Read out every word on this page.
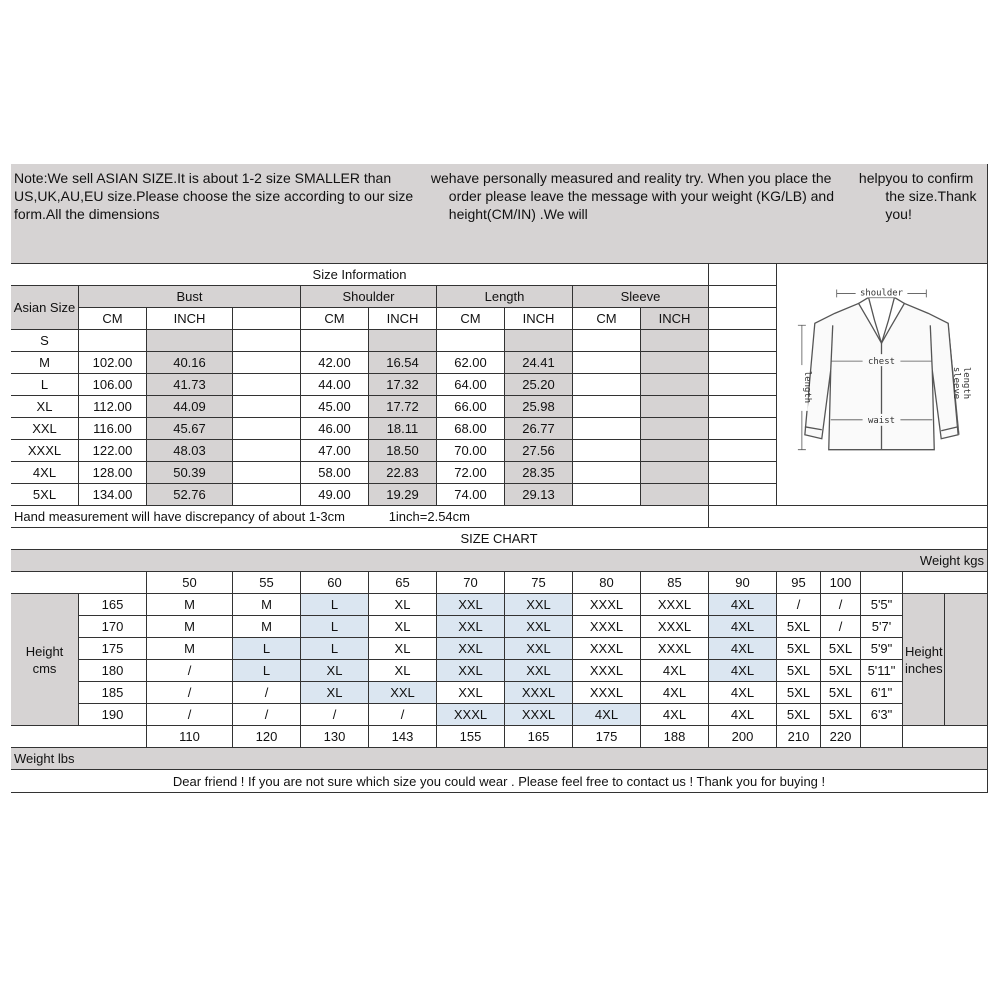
Note:We sell ASIAN SIZE.It is about 1-2 size SMALLER than US,UK,AU,EU size.Please choose the size according to our size form.All the dimensions
we have personally measured and reality try. When you place the order please leave the message with your weight (KG/LB) and height(CM/IN) .We will
help you to confirm the size.Thank you!
Size Information
Asian Size
Bust	Shoulder	Length	Sleeve
CM	INCH	CM	INCH	CM	INCH	CM	INCH
S
M	102.00	40.16	42.00	16.54	62.00	24.41
L	106.00	41.73	44.00	17.32	64.00	25.20
XL	112.00	44.09	45.00	17.72	66.00	25.98
XXL	116.00	45.67	46.00	18.11	68.00	26.77
XXXL	122.00	48.03	47.00	18.50	70.00	27.56
4XL	128.00	50.39	58.00	22.83	72.00	28.35
5XL	134.00	52.76	49.00	19.29	74.00	29.13
shoulder
chest
waist
length	sleeve length
Hand measurement will have discrepancy of about 1-3cm	1inch=2.54cm
SIZE CHART
Weight kgs
50	55	60	65	70	75	80	85	90	95	100
Height
cms
165	M	M	L	XL	XXL	XXL	XXXL	XXXL	4XL	/	/	5'5"
170	M	M	L	XL	XXL	XXL	XXXL	XXXL	4XL	5XL	/	5'7'
175	M	L	L	XL	XXL	XXL	XXXL	XXXL	4XL	5XL	5XL	5'9"
180	/	L	XL	XL	XXL	XXL	XXXL	4XL	4XL	5XL	5XL	5'11"
185	/	/	XL	XXL	XXL	XXXL	XXXL	4XL	4XL	5XL	5XL	6'1"
190	/	/	/	/	XXXL	XXXL	4XL	4XL	4XL	5XL	5XL	6'3"
Height
inches
110	120	130	143	155	165	175	188	200	210	220
Weight lbs
Dear friend ! If you are not sure which size you could wear . Please feel free to contact us ! Thank you for buying !
